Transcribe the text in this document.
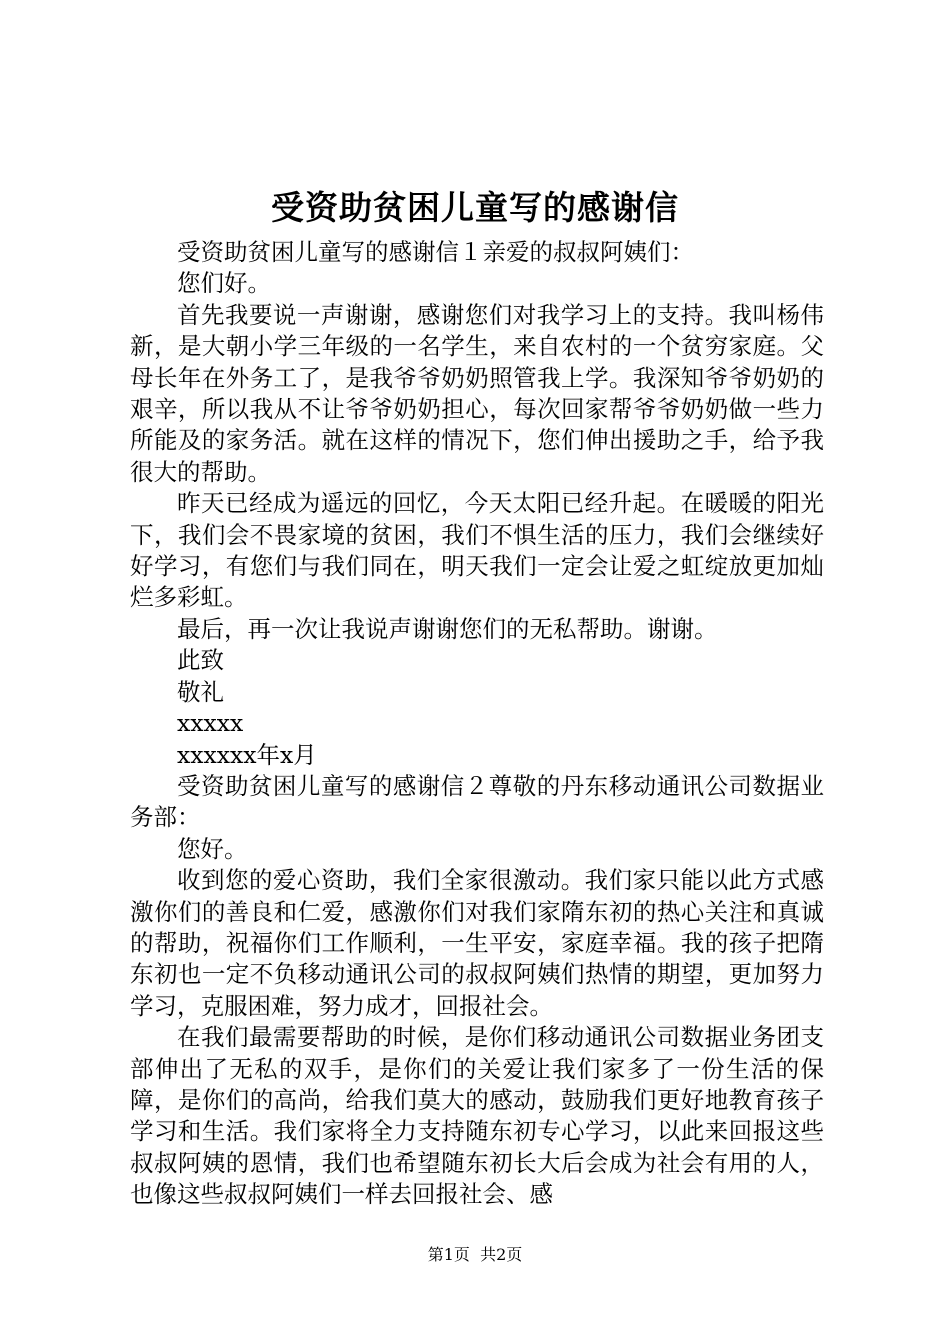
受资助贫困儿童写的感谢信

受资助贫困儿童写的感谢信１亲爱的叔叔阿姨们：

您们好。

首先我要说一声谢谢，感谢您们对我学习上的支持。我叫杨伟新，是大朝小学三年级的一名学生，来自农村的一个贫穷家庭。父母长年在外务工了，是我爷爷奶奶照管我上学。我深知爷爷奶奶的艰辛，所以我从不让爷爷奶奶担心，每次回家帮爷爷奶奶做一些力所能及的家务活。就在这样的情况下，您们伸出援助之手，给予我很大的帮助。

昨天已经成为遥远的回忆，今天太阳已经升起。在暖暖的阳光下，我们会不畏家境的贫困，我们不惧生活的压力，我们会继续好好学习，有您们与我们同在，明天我们一定会让爱之虹绽放更加灿烂多彩虹。

最后，再一次让我说声谢谢您们的无私帮助。谢谢。

此致

敬礼

xxxxx

xxxxxx年x月

受资助贫困儿童写的感谢信２尊敬的丹东移动通讯公司数据业务部：

您好。

收到您的爱心资助，我们全家很激动。我们家只能以此方式感激你们的善良和仁爱，感激你们对我们家隋东初的热心关注和真诚的帮助，祝福你们工作顺利，一生平安，家庭幸福。我的孩子把隋东初也一定不负移动通讯公司的叔叔阿姨们热情的期望，更加努力学习，克服困难，努力成才，回报社会。

在我们最需要帮助的时候，是你们移动通讯公司数据业务团支部伸出了无私的双手，是你们的关爱让我们家多了一份生活的保障，是你们的高尚，给我们莫大的感动，鼓励我们更好地教育孩子学习和生活。我们家将全力支持随东初专心学习，以此来回报这些叔叔阿姨的恩情，我们也希望随东初长大后会成为社会有用的人，也像这些叔叔阿姨们一样去回报社会、感

第1页  共2页
